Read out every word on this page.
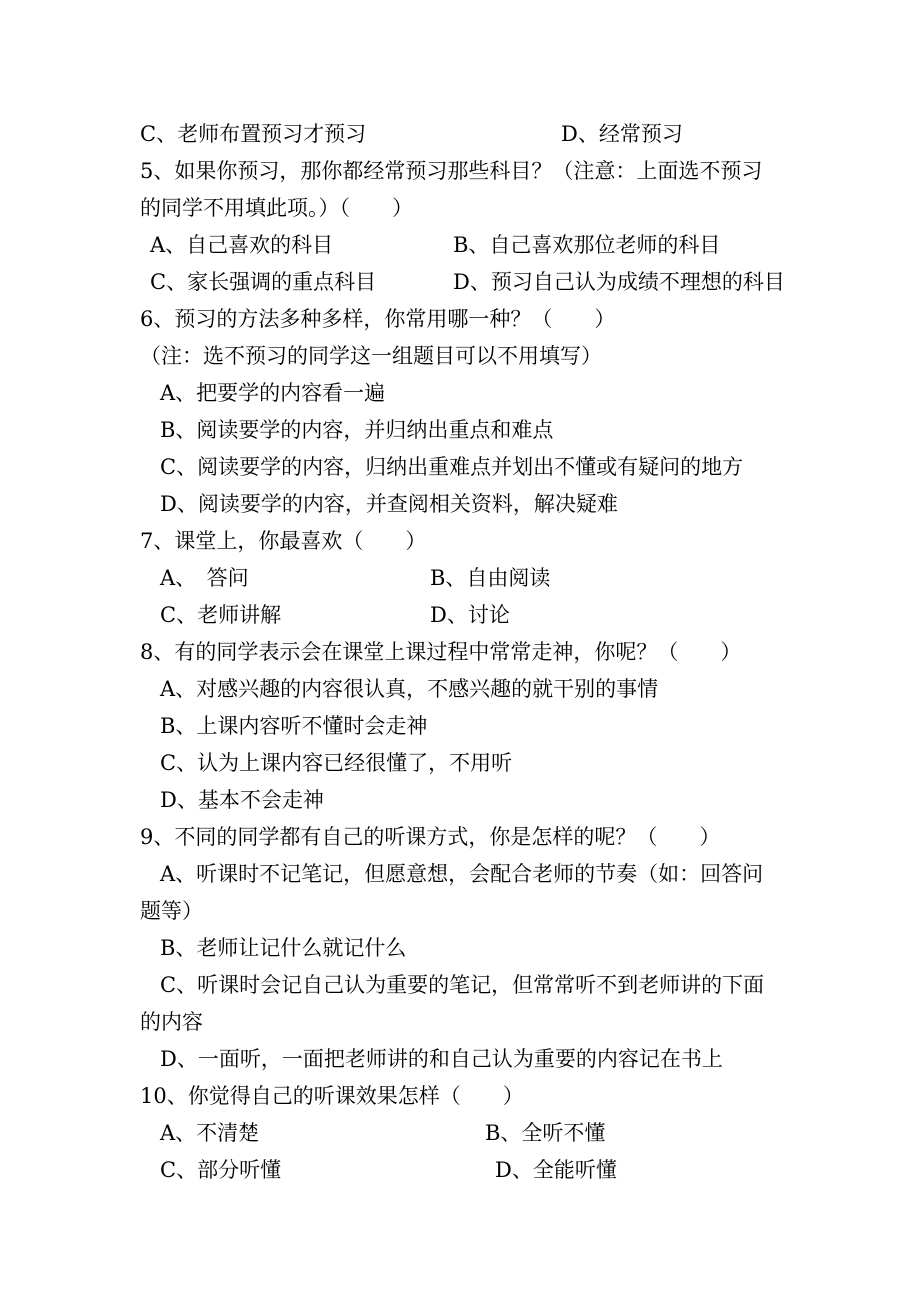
C、老师布置预习才预习	D、经常预习
5、如果你预习，那你都经常预习那些科目？（注意：上面选不预习
的同学不用填此项。）（　　）
A、自己喜欢的科目	B、自己喜欢那位老师的科目
C、家长强调的重点科目	D、预习自己认为成绩不理想的科目
6、预习的方法多种多样，你常用哪一种？（　　）
（注：选不预习的同学这一组题目可以不用填写）
A、把要学的内容看一遍
B、阅读要学的内容，并归纳出重点和难点
C、阅读要学的内容，归纳出重难点并划出不懂或有疑问的地方
D、阅读要学的内容，并查阅相关资料，解决疑难
7、课堂上，你最喜欢（　　）
A、　答问	B、自由阅读
C、老师讲解	D、讨论
8、有的同学表示会在课堂上课过程中常常走神，你呢？（　　）
A、对感兴趣的内容很认真，不感兴趣的就干别的事情
B、上课内容听不懂时会走神
C、认为上课内容已经很懂了，不用听
D、基本不会走神
9、不同的同学都有自己的听课方式，你是怎样的呢？（　　）
A、听课时不记笔记，但愿意想，会配合老师的节奏（如：回答问
题等）
B、老师让记什么就记什么
C、听课时会记自己认为重要的笔记，但常常听不到老师讲的下面
的内容
D、一面听，一面把老师讲的和自己认为重要的内容记在书上
10、你觉得自己的听课效果怎样（　　）
A、不清楚	B、全听不懂
C、部分听懂	D、全能听懂
